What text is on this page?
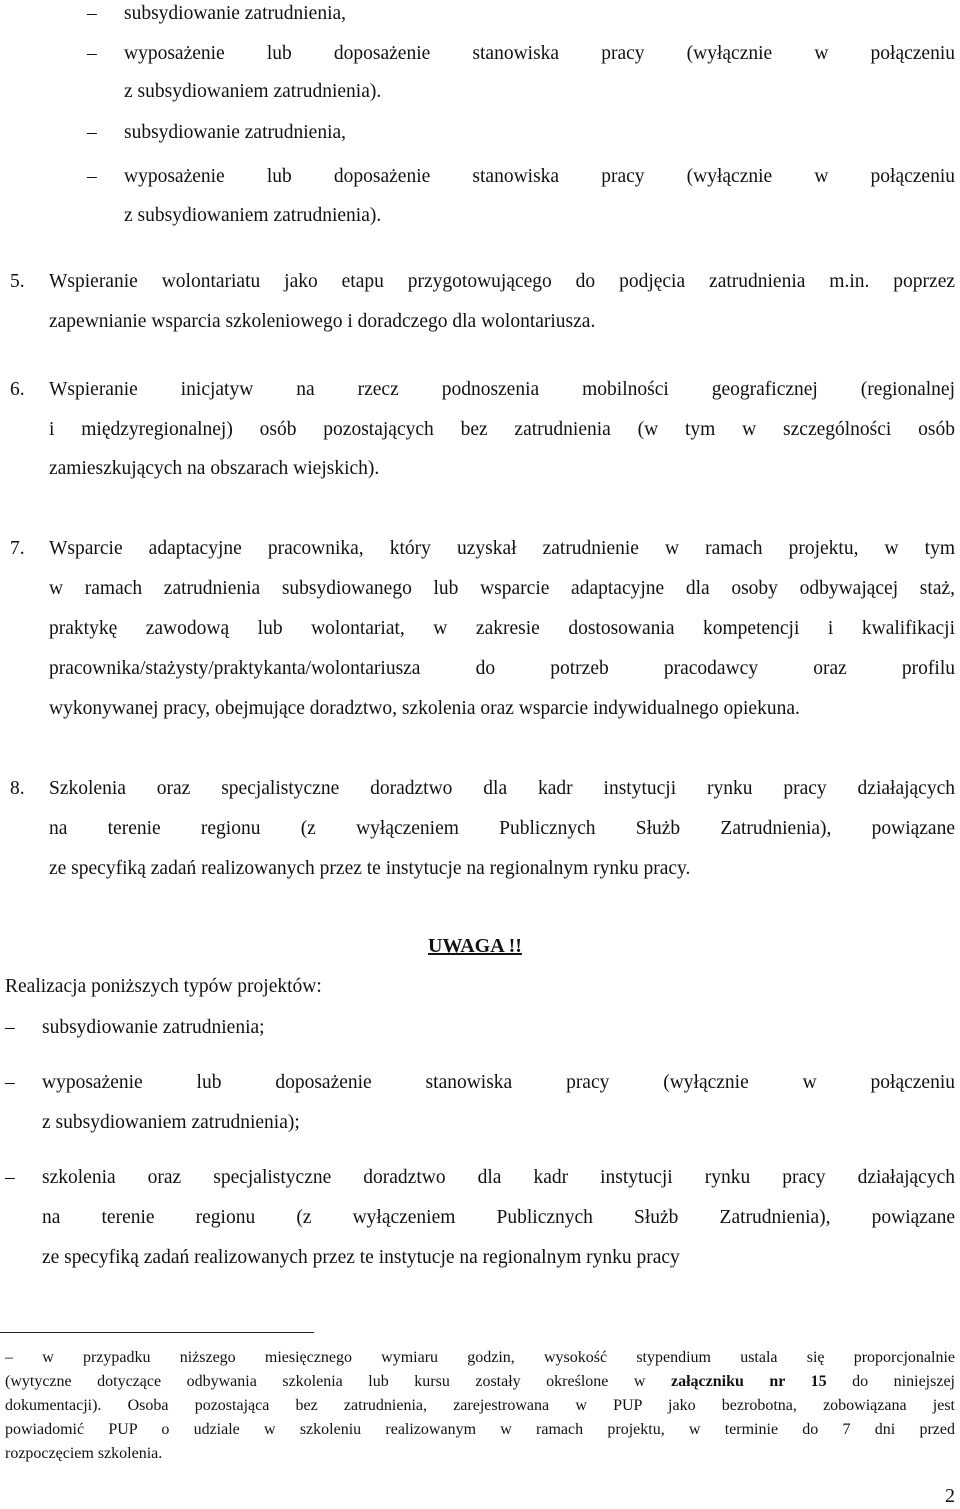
– subsydiowanie zatrudnienia,
– wyposażenie lub doposażenie stanowiska pracy (wyłącznie w połączeniu
z subsydiowaniem zatrudnienia).
– subsydiowanie zatrudnienia,
– wyposażenie lub doposażenie stanowiska pracy (wyłącznie w połączeniu
z subsydiowaniem zatrudnienia).
5. Wspieranie wolontariatu jako etapu przygotowującego do podjęcia zatrudnienia m.in. poprzez
zapewnianie wsparcia szkoleniowego i doradczego dla wolontariusza.
6. Wspieranie inicjatyw na rzecz podnoszenia mobilności geograficznej (regionalnej
i międzyregionalnej) osób pozostających bez zatrudnienia (w tym w szczególności osób
zamieszkujących na obszarach wiejskich).
7. Wsparcie adaptacyjne pracownika, który uzyskał zatrudnienie w ramach projektu, w tym
w ramach zatrudnienia subsydiowanego lub wsparcie adaptacyjne dla osoby odbywającej staż,
praktykę zawodową lub wolontariat, w zakresie dostosowania kompetencji i kwalifikacji
pracownika/stażysty/praktykanta/wolontariusza do potrzeb pracodawcy oraz profilu
wykonywanej pracy, obejmujące doradztwo, szkolenia oraz wsparcie indywidualnego opiekuna.
8. Szkolenia oraz specjalistyczne doradztwo dla kadr instytucji rynku pracy działających
na terenie regionu (z wyłączeniem Publicznych Służb Zatrudnienia), powiązane
ze specyfiką zadań realizowanych przez te instytucje na regionalnym rynku pracy.
UWAGA !!
Realizacja poniższych typów projektów:
– subsydiowanie zatrudnienia;
– wyposażenie lub doposażenie stanowiska pracy (wyłącznie w połączeniu
z subsydiowaniem zatrudnienia);
– szkolenia oraz specjalistyczne doradztwo dla kadr instytucji rynku pracy działających
na terenie regionu (z wyłączeniem Publicznych Służb Zatrudnienia), powiązane
ze specyfiką zadań realizowanych przez te instytucje na regionalnym rynku pracy
– w przypadku niższego miesięcznego wymiaru godzin, wysokość stypendium ustala się proporcjonalnie
(wytyczne dotyczące odbywania szkolenia lub kursu zostały określone w załączniku nr 15 do niniejszej
dokumentacji). Osoba pozostająca bez zatrudnienia, zarejestrowana w PUP jako bezrobotna, zobowiązana jest
powiadomić PUP o udziale w szkoleniu realizowanym w ramach projektu, w terminie do 7 dni przed
rozpoczęciem szkolenia.
2
